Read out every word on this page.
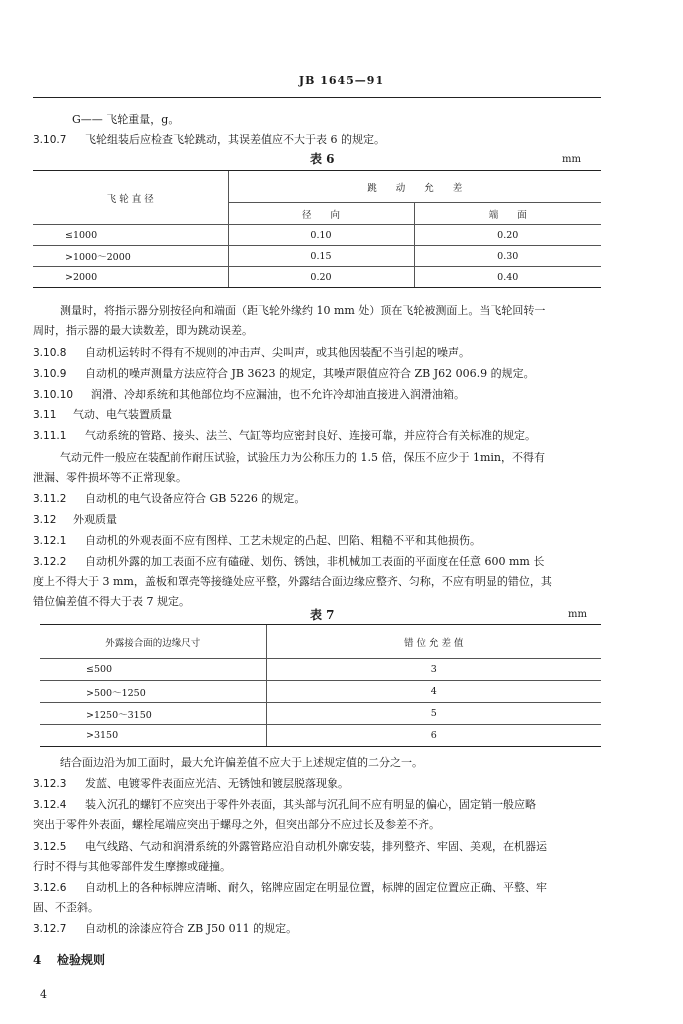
JB 1645—91
G—— 飞轮重量，g。
3.10.7 飞轮组装后应检查飞轮跳动，其误差值应不大于表 6 的规定。
表 6	mm
飞 轮 直 径	跳　　动　　允　　差	
	径　　向	端　　面
≤1000	0.10	0.20
>1000～2000	0.15	0.30
>2000	0.20	0.40
测量时，将指示器分别按径向和端面（距飞轮外缘约 10 mm 处）顶在飞轮被测面上。当飞轮回转一
周时，指示器的最大读数差，即为跳动误差。
3.10.8 自动机运转时不得有不规则的冲击声、尖叫声，或其他因装配不当引起的噪声。
3.10.9 自动机的噪声测量方法应符合 JB 3623 的规定，其噪声限值应符合 ZB J62 006.9 的规定。
3.10.10 润滑、冷却系统和其他部位均不应漏油，也不允许冷却油直接进入润滑油箱。
3.11 气动、电气装置质量
3.11.1 气动系统的管路、接头、法兰、气缸等均应密封良好、连接可靠，并应符合有关标准的规定。
气动元件一般应在装配前作耐压试验，试验压力为公称压力的 1.5 倍，保压不应少于 1min，不得有
泄漏、零件损坏等不正常现象。
3.11.2 自动机的电气设备应符合 GB 5226 的规定。
3.12 外观质量
3.12.1 自动机的外观表面不应有图样、工艺未规定的凸起、凹陷、粗糙不平和其他损伤。
3.12.2 自动机外露的加工表面不应有磕碰、划伤、锈蚀，非机械加工表面的平面度在任意 600 mm 长
度上不得大于 3 mm，盖板和罩壳等接缝处应平整，外露结合面边缘应整齐、匀称，不应有明显的错位，其
错位偏差值不得大于表 7 规定。
表 7	mm
外露接合面的边缘尺寸	错 位 允 差 值
≤500	3
>500～1250	4
>1250～3150	5
>3150	6
结合面边沿为加工面时，最大允许偏差值不应大于上述规定值的二分之一。
3.12.3 发蓝、电镀零件表面应光洁、无锈蚀和镀层脱落现象。
3.12.4 装入沉孔的螺钉不应突出于零件外表面，其头部与沉孔间不应有明显的偏心，固定销一般应略
突出于零件外表面，螺栓尾端应突出于螺母之外，但突出部分不应过长及参差不齐。
3.12.5 电气线路、气动和润滑系统的外露管路应沿自动机外廓安装，排列整齐、牢固、美观，在机器运
行时不得与其他零部件发生摩擦或碰撞。
3.12.6 自动机上的各种标牌应清晰、耐久，铭牌应固定在明显位置，标牌的固定位置应正确、平整、牢
固、不歪斜。
3.12.7 自动机的涂漆应符合 ZB J50 011 的规定。
4 检验规则
4
